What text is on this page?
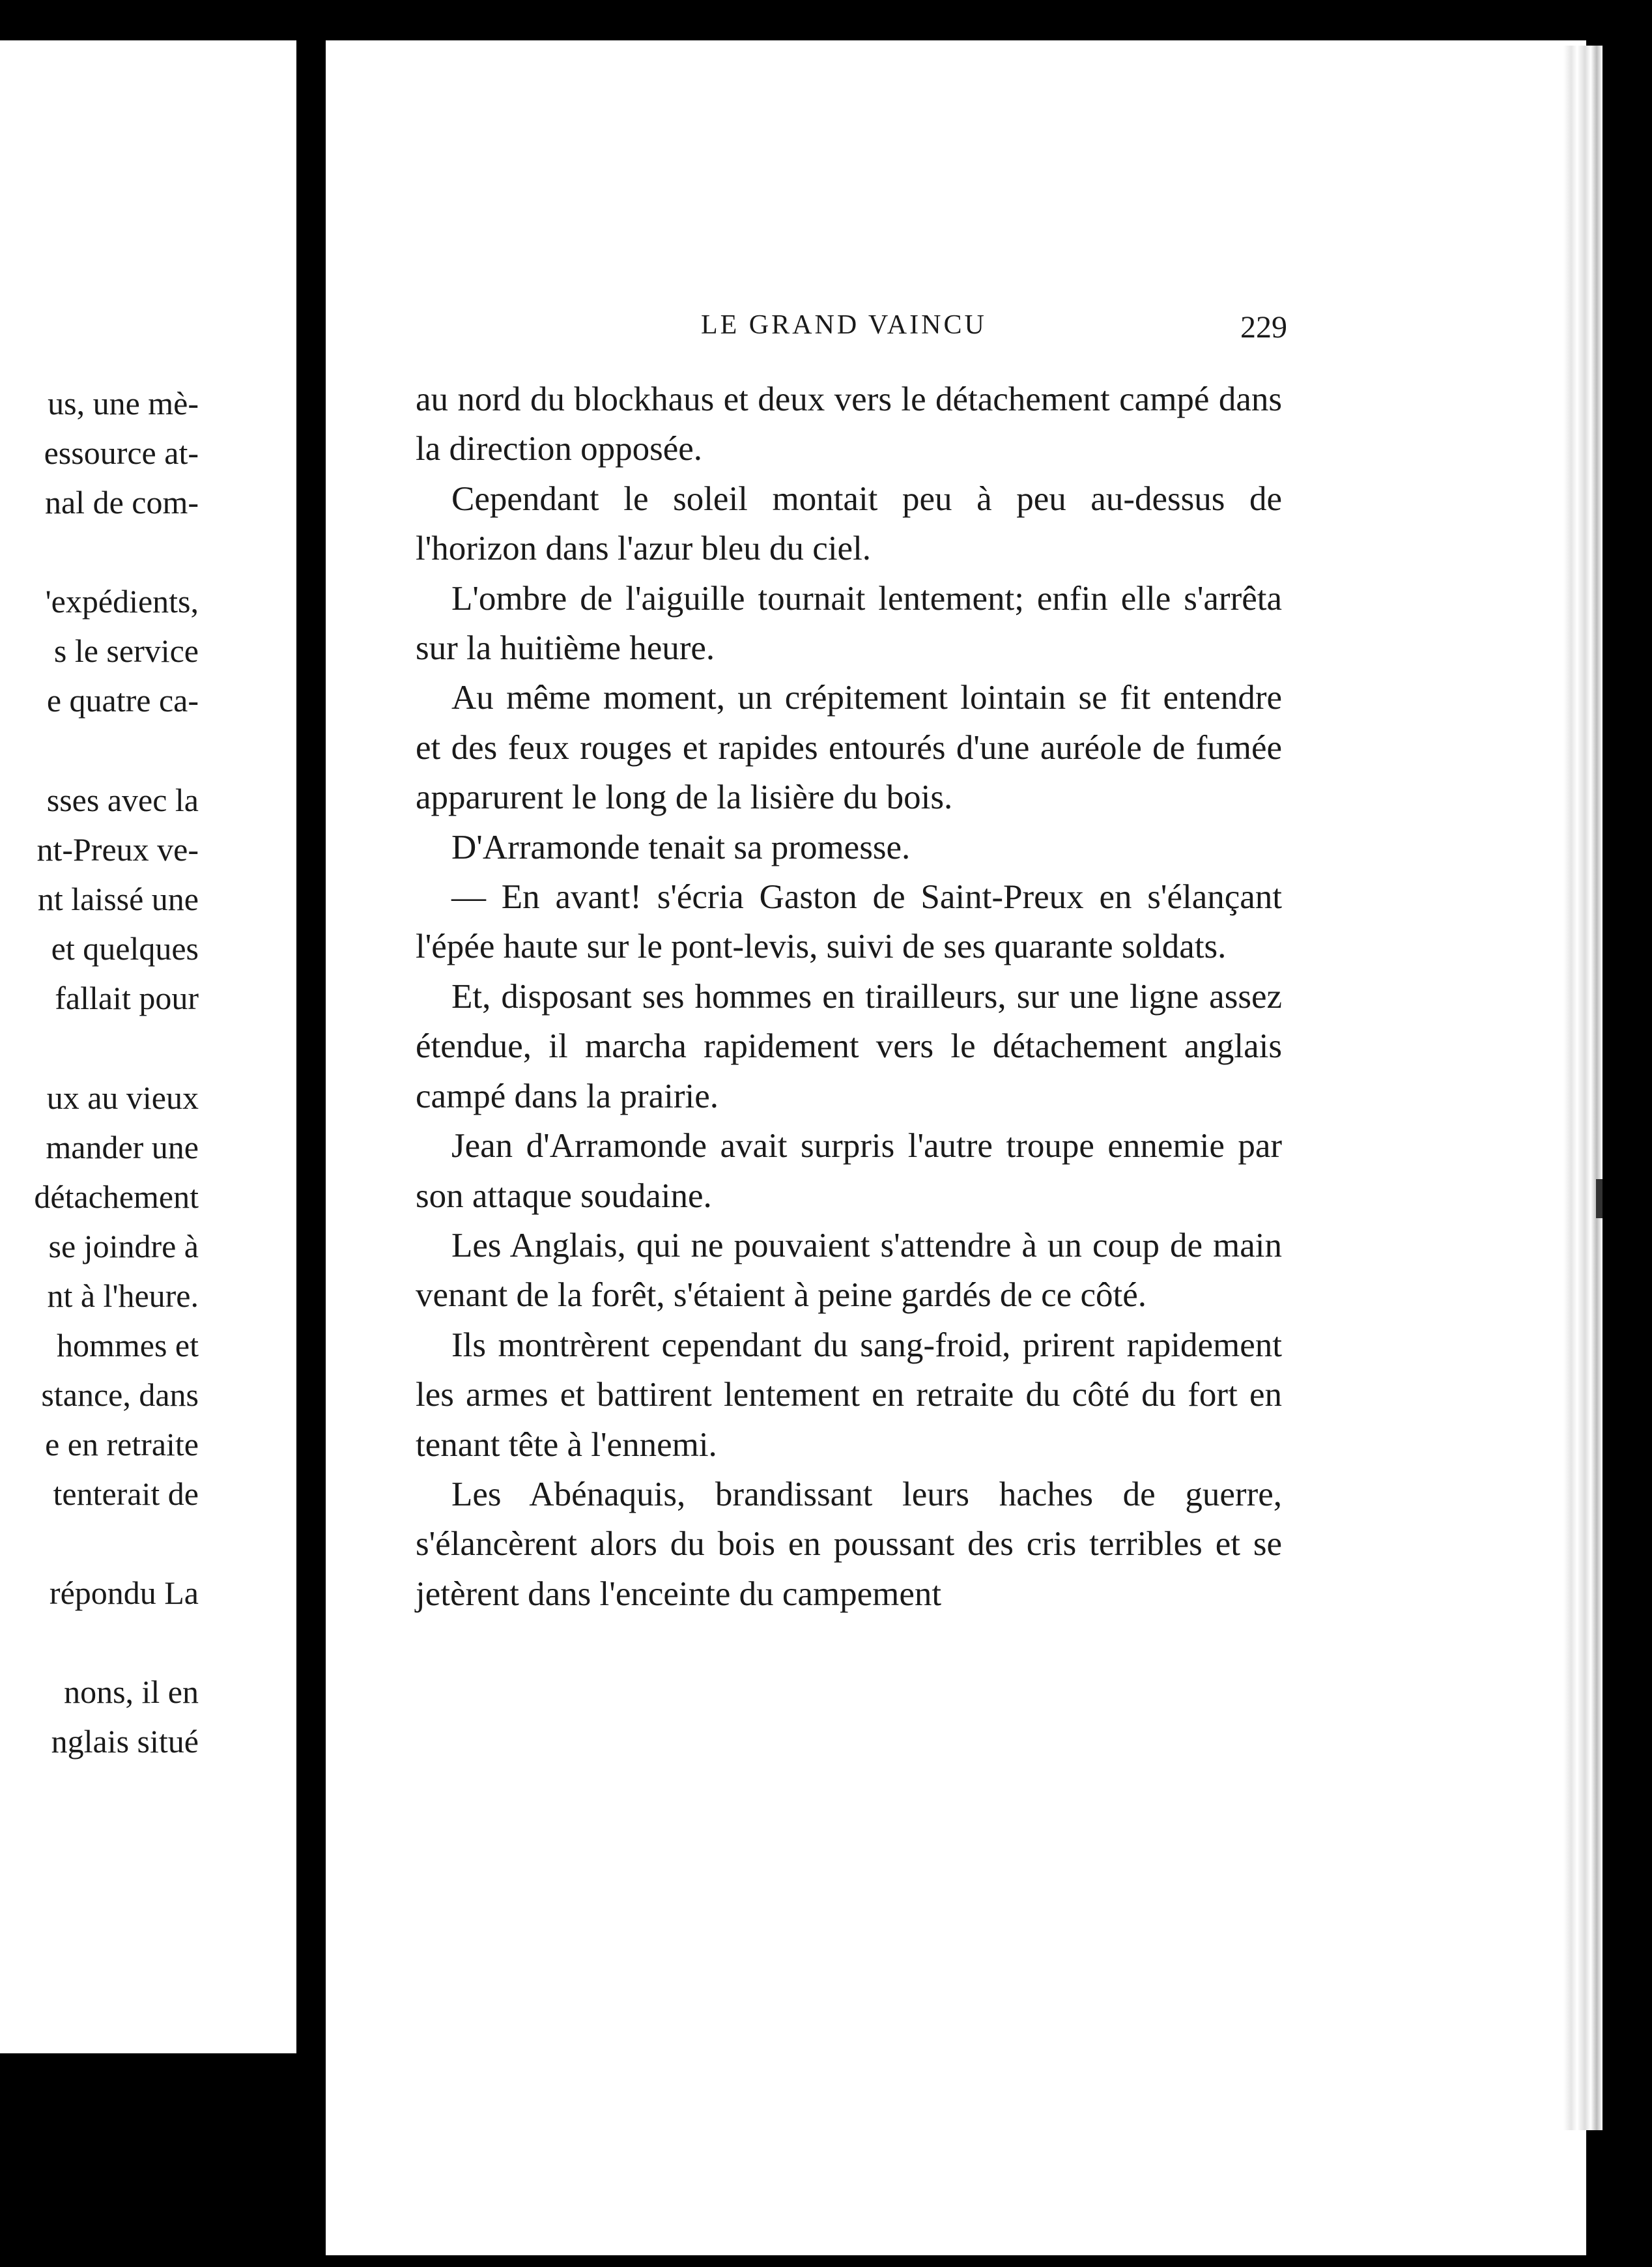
us, une mè-
essource at-
nal de com-
'expédients,
s le service
e quatre ca-
sses avec la
nt-Preux ve-
nt laissé une
et quelques
fallait pour
ux au vieux
mander une
détachement
se joindre à
nt à l'heure.
hommes et
stance, dans
e en retraite
tenterait de
répondu La
nons, il en
nglais situé
LE GRAND VAINCU	229

au nord du blockhaus et deux vers le détachement campé dans la direction opposée.

Cependant le soleil montait peu à peu au-dessus de l'horizon dans l'azur bleu du ciel.

L'ombre de l'aiguille tournait lentement; enfin elle s'arrêta sur la huitième heure.

Au même moment, un crépitement lointain se fit entendre et des feux rouges et rapides entourés d'une auréole de fumée apparurent le long de la lisière du bois.

D'Arramonde tenait sa promesse.

— En avant! s'écria Gaston de Saint-Preux en s'élançant l'épée haute sur le pont-levis, suivi de ses quarante soldats.

Et, disposant ses hommes en tirailleurs, sur une ligne assez étendue, il marcha rapidement vers le détachement anglais campé dans la prairie.

Jean d'Arramonde avait surpris l'autre troupe ennemie par son attaque soudaine.

Les Anglais, qui ne pouvaient s'attendre à un coup de main venant de la forêt, s'étaient à peine gardés de ce côté.

Ils montrèrent cependant du sang-froid, prirent rapidement les armes et battirent lentement en retraite du côté du fort en tenant tête à l'ennemi.

Les Abénaquis, brandissant leurs haches de guerre, s'élancèrent alors du bois en poussant des cris terribles et se jetèrent dans l'enceinte du campement
